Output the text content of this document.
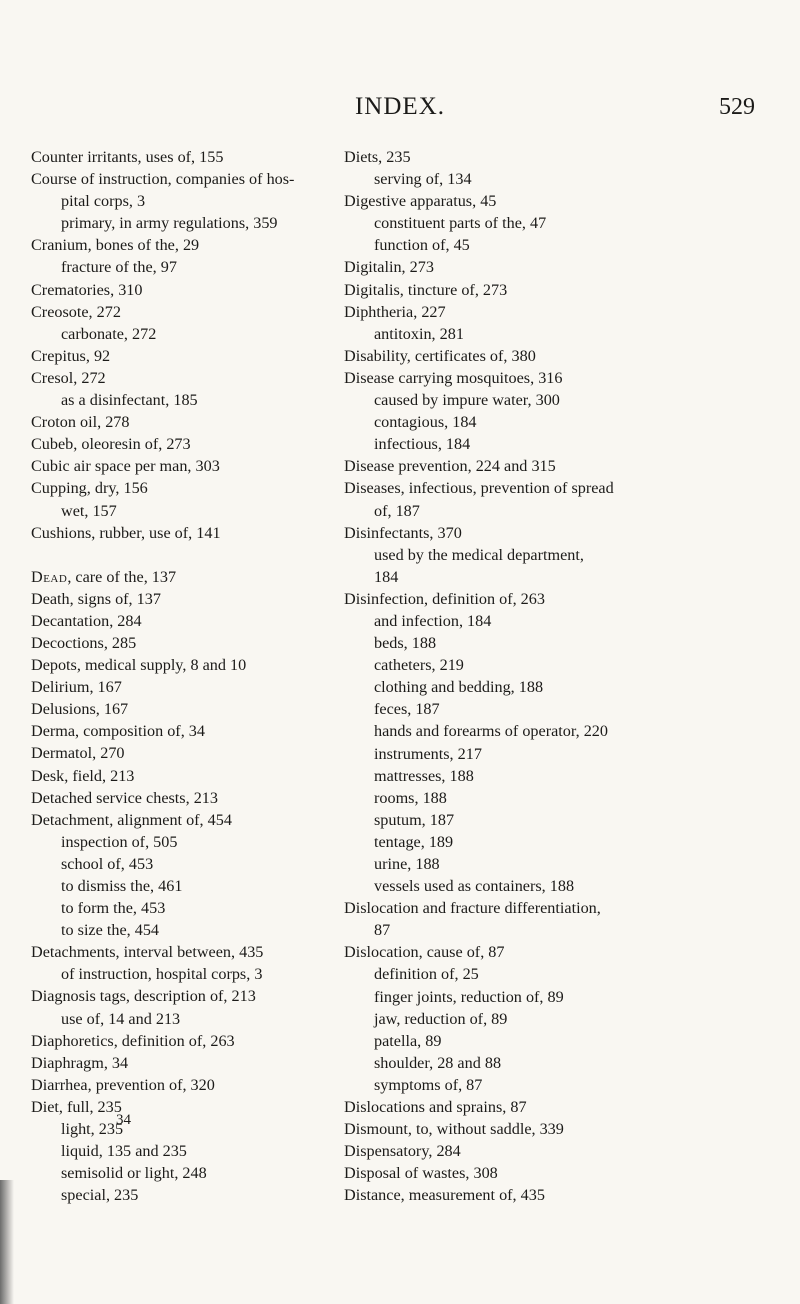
INDEX.	529
Counter irritants, uses of, 155
Course of instruction, companies of hos-
pital corps, 3
primary, in army regulations, 359
Cranium, bones of the, 29
fracture of the, 97
Crematories, 310
Creosote, 272
carbonate, 272
Crepitus, 92
Cresol, 272
as a disinfectant, 185
Croton oil, 278
Cubeb, oleoresin of, 273
Cubic air space per man, 303
Cupping, dry, 156
wet, 157
Cushions, rubber, use of, 141
Dead, care of the, 137
Death, signs of, 137
Decantation, 284
Decoctions, 285
Depots, medical supply, 8 and 10
Delirium, 167
Delusions, 167
Derma, composition of, 34
Dermatol, 270
Desk, field, 213
Detached service chests, 213
Detachment, alignment of, 454
inspection of, 505
school of, 453
to dismiss the, 461
to form the, 453
to size the, 454
Detachments, interval between, 435
of instruction, hospital corps, 3
Diagnosis tags, description of, 213
use of, 14 and 213
Diaphoretics, definition of, 263
Diaphragm, 34
Diarrhea, prevention of, 320
Diet, full, 235
light, 235
liquid, 135 and 235
semisolid or light, 248
special, 235
Diets, 235
serving of, 134
Digestive apparatus, 45
constituent parts of the, 47
function of, 45
Digitalin, 273
Digitalis, tincture of, 273
Diphtheria, 227
antitoxin, 281
Disability, certificates of, 380
Disease carrying mosquitoes, 316
caused by impure water, 300
contagious, 184
infectious, 184
Disease prevention, 224 and 315
Diseases, infectious, prevention of spread
of, 187
Disinfectants, 370
used by the medical department,
184
Disinfection, definition of, 263
and infection, 184
beds, 188
catheters, 219
clothing and bedding, 188
feces, 187
hands and forearms of operator, 220
instruments, 217
mattresses, 188
rooms, 188
sputum, 187
tentage, 189
urine, 188
vessels used as containers, 188
Dislocation and fracture differentiation,
87
Dislocation, cause of, 87
definition of, 25
finger joints, reduction of, 89
jaw, reduction of, 89
patella, 89
shoulder, 28 and 88
symptoms of, 87
Dislocations and sprains, 87
Dismount, to, without saddle, 339
Dispensatory, 284
Disposal of wastes, 308
Distance, measurement of, 435
34
